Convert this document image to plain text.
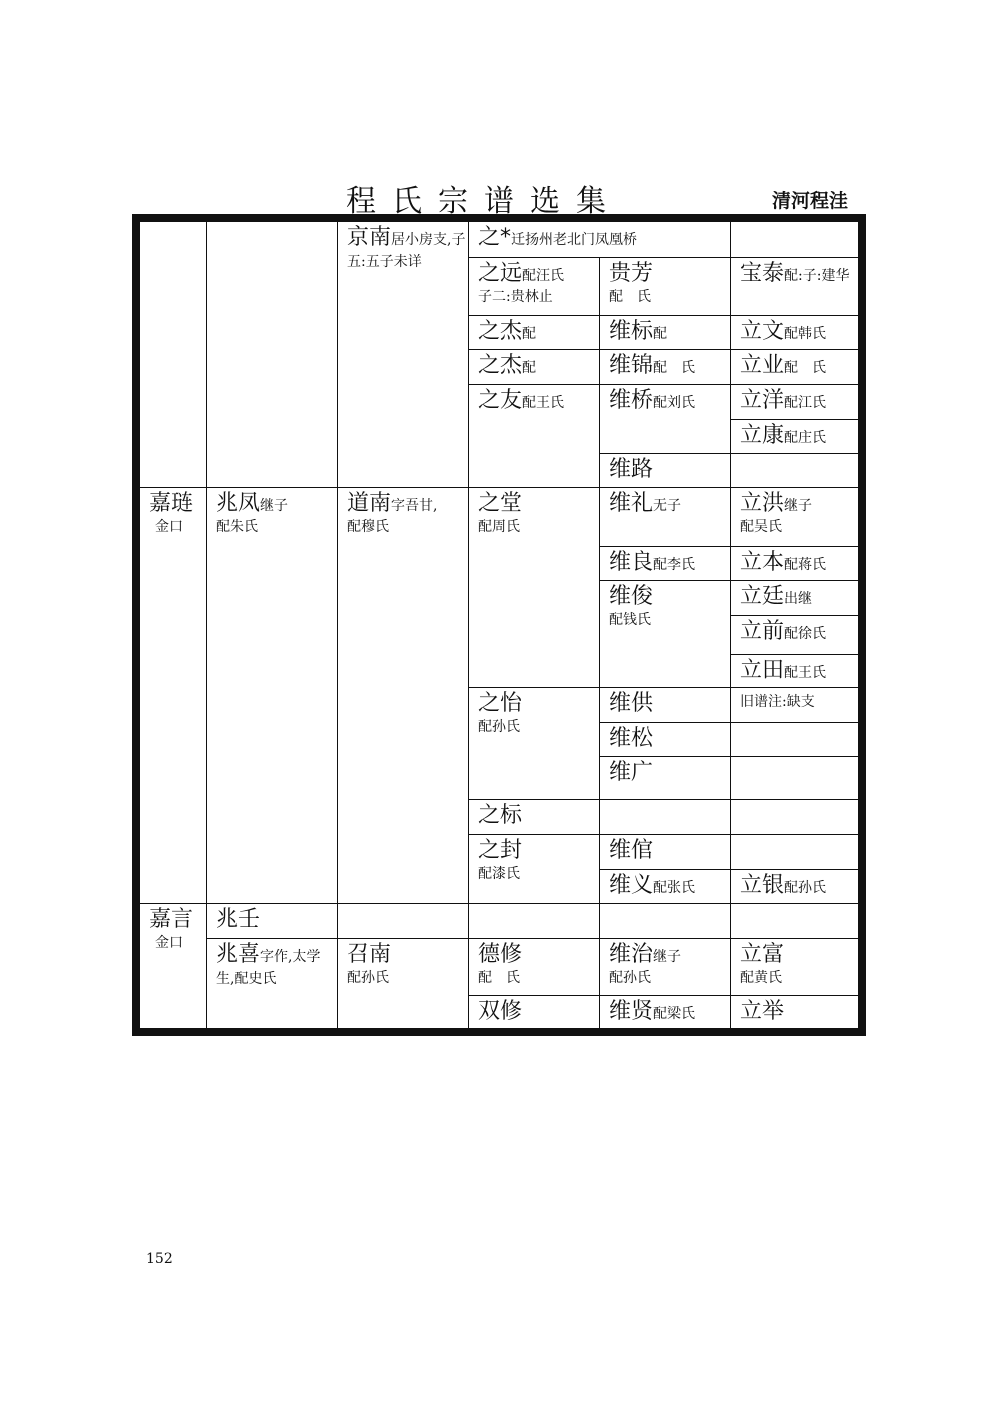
程氏宗谱选集	清河程洼
嘉琏
金口
嘉言
金口
兆凤继子
配朱氏
兆壬
兆喜字作,太学生,配史氏
京南居小房支,子五:五子未详
道南字吾甘,
配穆氏
召南
配孙氏
之*迁扬州老北门凤凰桥
之远配汪氏
子二:贵林止
之杰配
之杰配
之友配王氏
之堂
配周氏
之怡
配孙氏
之标
之封
配漆氏
德修
配　氏
双修
贵芳
配　氏
维标配
维锦配　氏
维桥配刘氏
维路
维礼无子
维良配李氏
维俊
配钱氏
维供
维松
维广
维倌
维义配张氏
维治继子
配孙氏
维贤配梁氏
宝泰配:子:建华
立文配韩氏
立业配　氏
立洋配江氏
立康配庄氏
立洪继子
配吴氏
立本配蒋氏
立廷出继
立前配徐氏
立田配王氏
旧谱注:缺支
立银配孙氏
立富
配黄氏
立举
152
